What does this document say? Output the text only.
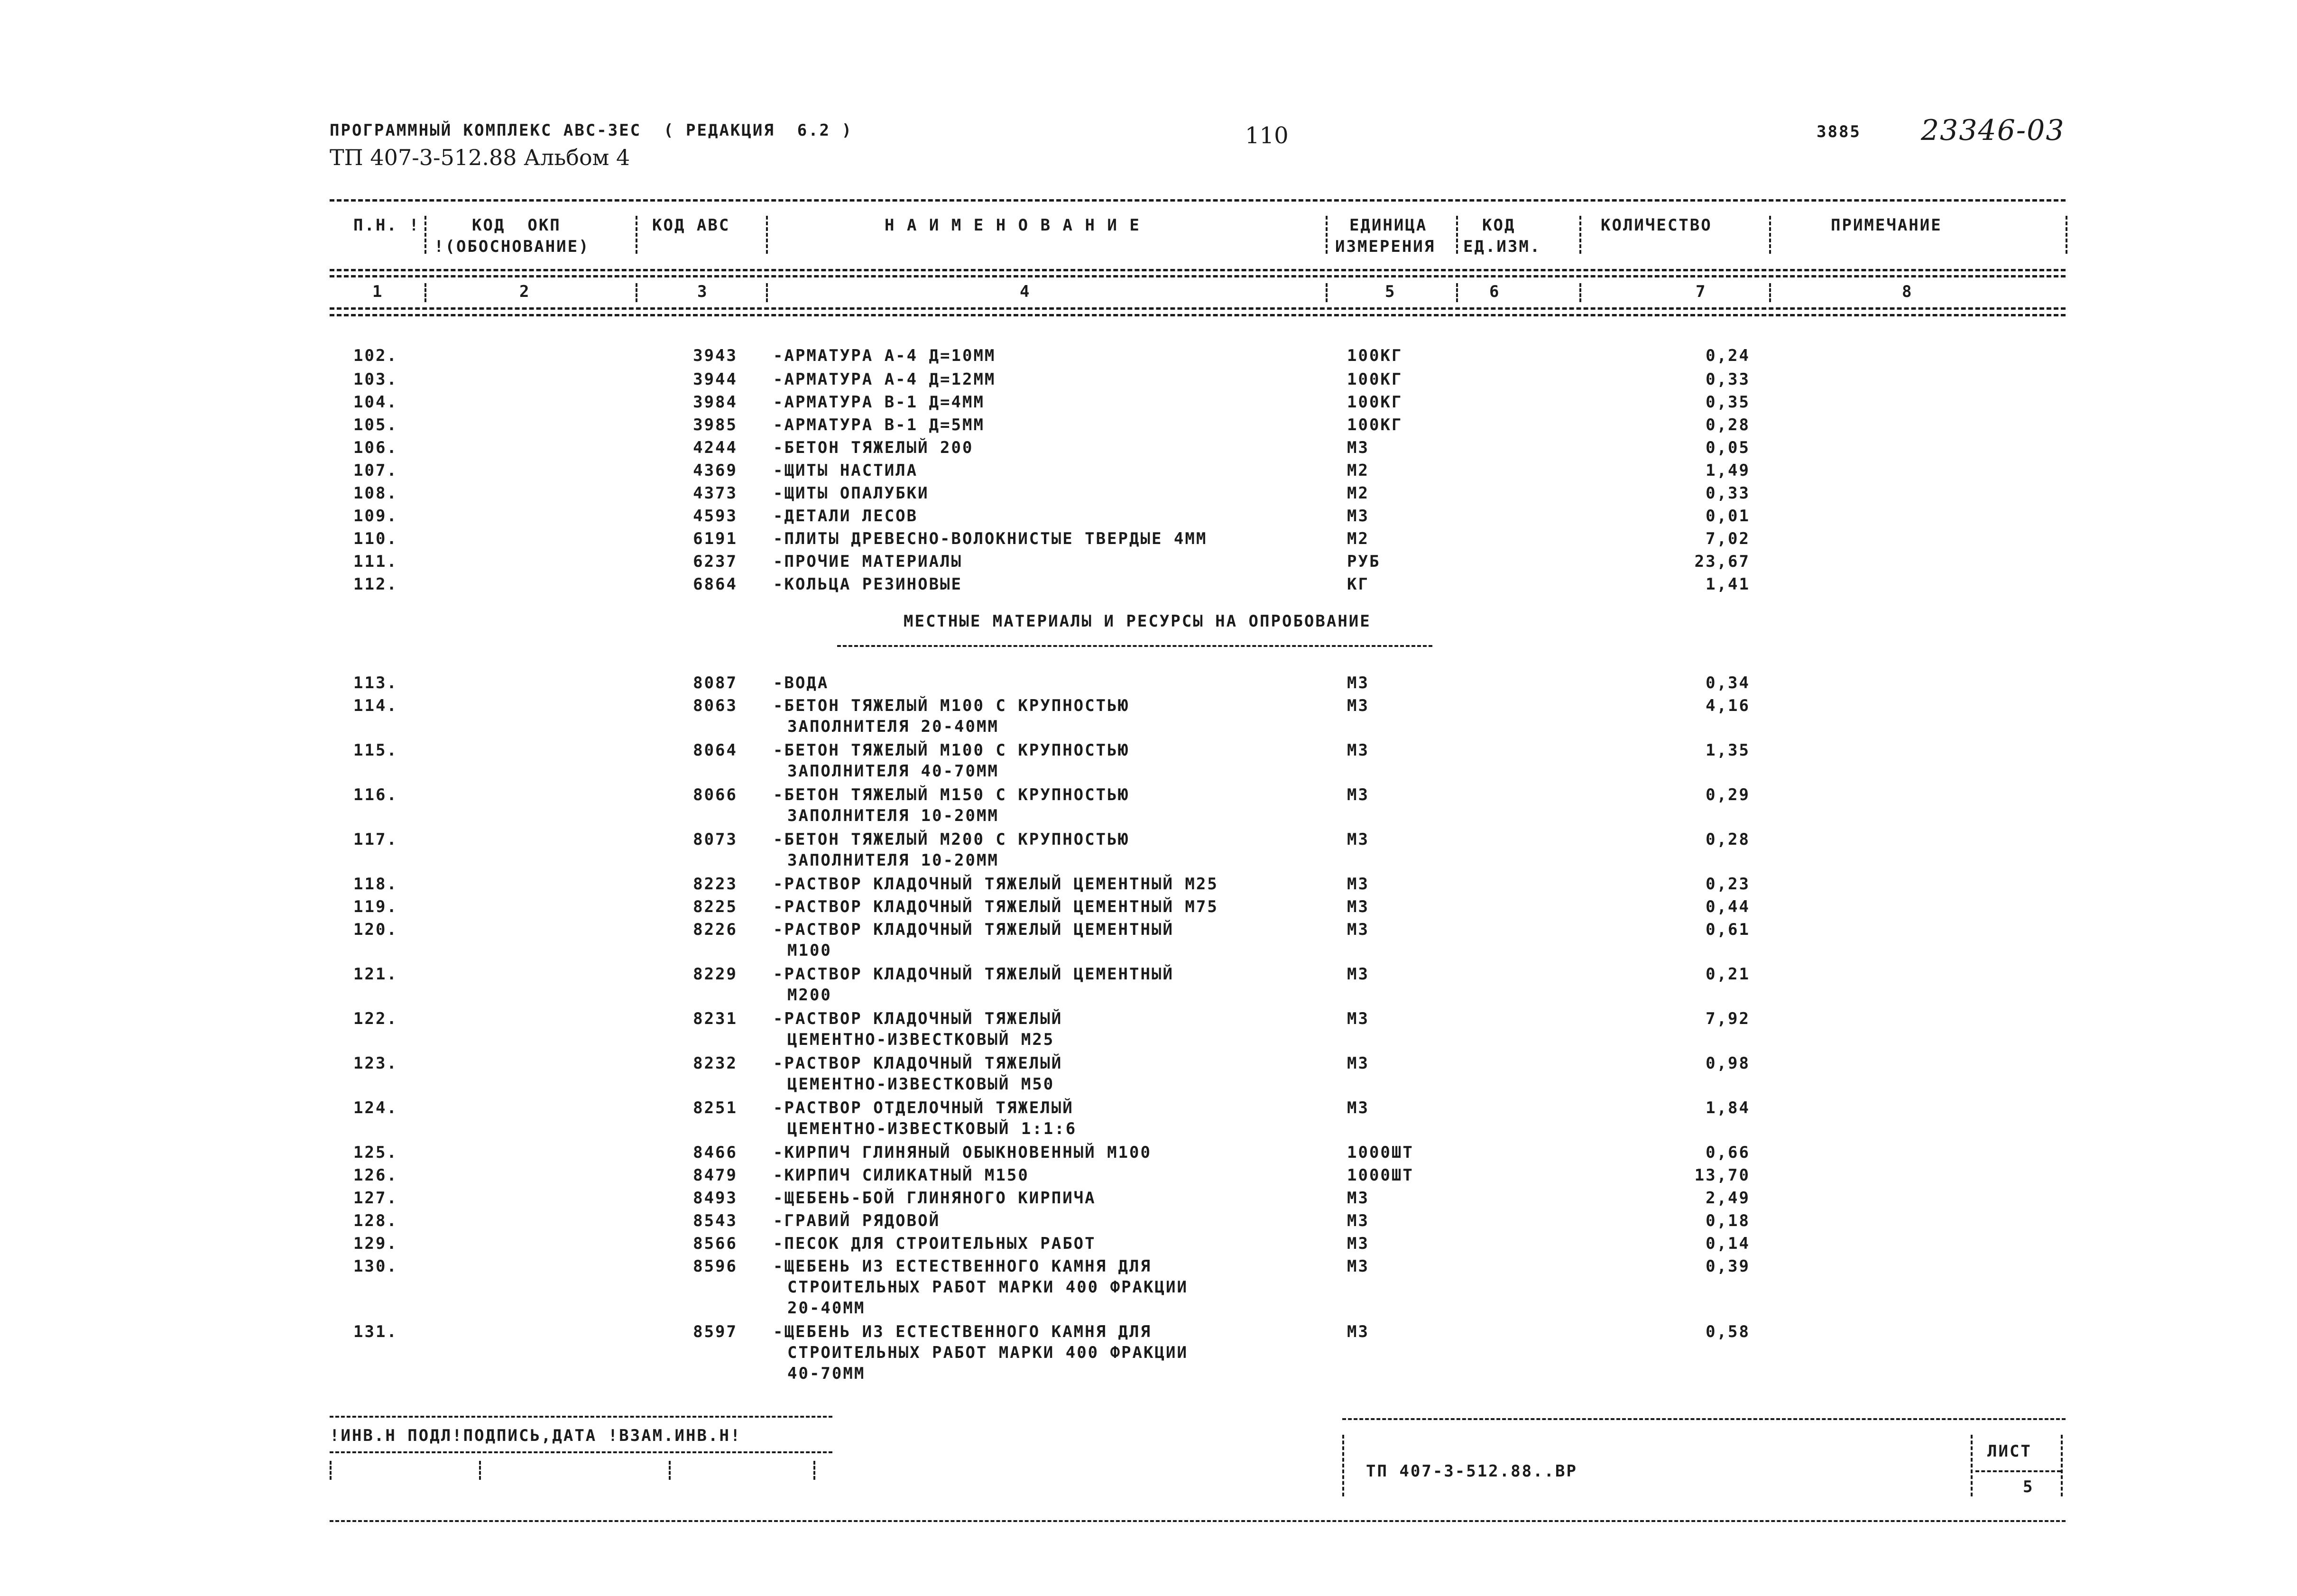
ПРОГРАММНЫЙ КОМПЛЕКС АВС-3ЕС  ( РЕДАКЦИЯ  6.2 )
ТП 407-3-512.88 Альбом 4
110	3885 23346-03
П.Н. !	КОД  ОКП
!(ОБОСНОВАНИЕ)
КОД АВС	Н А И М Е Н О В А Н И Е	ЕДИНИЦА
ИЗМЕРЕНИЯ
КОД
ЕД.ИЗМ.
КОЛИЧЕСТВО	ПРИМЕЧАНИЕ
1	2	3	4	5	6	7	8
102.	3943 -АРМАТУРА А-4 Д=10ММ	100КГ	0,24
103.	3944 -АРМАТУРА А-4 Д=12ММ	100КГ	0,33
104.	3984 -АРМАТУРА В-1 Д=4ММ	100КГ	0,35
105.	3985 -АРМАТУРА В-1 Д=5ММ	100КГ	0,28
106.	4244 -БЕТОН ТЯЖЕЛЫЙ 200	М3	0,05
107.	4369 -ЩИТЫ НАСТИЛА	М2	1,49
108.	4373 -ЩИТЫ ОПАЛУБКИ	М2	0,33
109.	4593 -ДЕТАЛИ ЛЕСОВ	М3	0,01
110.	6191 -ПЛИТЫ ДРЕВЕСНО-ВОЛОКНИСТЫЕ ТВЕРДЫЕ 4ММ	М2	7,02
111.	6237 -ПРОЧИЕ МАТЕРИАЛЫ	РУБ	23,67
112.	6864 -КОЛЬЦА РЕЗИНОВЫЕ	КГ	1,41
МЕСТНЫЕ МАТЕРИАЛЫ И РЕСУРСЫ НА ОПРОБОВАНИЕ
113.	8087 -ВОДА	М3	0,34
114.	8063 -БЕТОН ТЯЖЕЛЫЙ М100 С КРУПНОСТЬЮ
ЗАПОЛНИТЕЛЯ 20-40ММ
М3	4,16
115.	8064 -БЕТОН ТЯЖЕЛЫЙ М100 С КРУПНОСТЬЮ
ЗАПОЛНИТЕЛЯ 40-70ММ
М3	1,35
116.	8066 -БЕТОН ТЯЖЕЛЫЙ М150 С КРУПНОСТЬЮ
ЗАПОЛНИТЕЛЯ 10-20ММ
М3	0,29
117.	8073 -БЕТОН ТЯЖЕЛЫЙ М200 С КРУПНОСТЬЮ
ЗАПОЛНИТЕЛЯ 10-20ММ
М3	0,28
118.	8223 -РАСТВОР КЛАДОЧНЫЙ ТЯЖЕЛЫЙ ЦЕМЕНТНЫЙ М25	М3	0,23
119.	8225 -РАСТВОР КЛАДОЧНЫЙ ТЯЖЕЛЫЙ ЦЕМЕНТНЫЙ М75	М3	0,44
120.	8226 -РАСТВОР КЛАДОЧНЫЙ ТЯЖЕЛЫЙ ЦЕМЕНТНЫЙ
М100
М3	0,61
121.	8229 -РАСТВОР КЛАДОЧНЫЙ ТЯЖЕЛЫЙ ЦЕМЕНТНЫЙ
М200
М3	0,21
122.	8231 -РАСТВОР КЛАДОЧНЫЙ ТЯЖЕЛЫЙ
ЦЕМЕНТНО-ИЗВЕСТКОВЫЙ М25
М3	7,92
123.	8232 -РАСТВОР КЛАДОЧНЫЙ ТЯЖЕЛЫЙ
ЦЕМЕНТНО-ИЗВЕСТКОВЫЙ М50
М3	0,98
124.	8251 -РАСТВОР ОТДЕЛОЧНЫЙ ТЯЖЕЛЫЙ
ЦЕМЕНТНО-ИЗВЕСТКОВЫЙ 1:1:6
М3	1,84
125.	8466 -КИРПИЧ ГЛИНЯНЫЙ ОБЫКНОВЕННЫЙ М100	1000ШТ	0,66
126.	8479 -КИРПИЧ СИЛИКАТНЫЙ М150	1000ШТ	13,70
127.	8493 -ЩЕБЕНЬ-БОЙ ГЛИНЯНОГО КИРПИЧА	М3	2,49
128.	8543 -ГРАВИЙ РЯДОВОЙ	М3	0,18
129.	8566 -ПЕСОК ДЛЯ СТРОИТЕЛЬНЫХ РАБОТ	М3	0,14
130.	8596 -ЩЕБЕНЬ ИЗ ЕСТЕСТВЕННОГО КАМНЯ ДЛЯ
СТРОИТЕЛЬНЫХ РАБОТ МАРКИ 400 ФРАКЦИИ
20-40ММ
М3	0,39
131.	8597 -ЩЕБЕНЬ ИЗ ЕСТЕСТВЕННОГО КАМНЯ ДЛЯ
СТРОИТЕЛЬНЫХ РАБОТ МАРКИ 400 ФРАКЦИИ
40-70ММ
М3	0,58
!ИНВ.Н ПОДЛ!ПОДПИСЬ,ДАТА !ВЗАМ.ИНВ.Н!
ТП 407-3-512.88..ВР
ЛИСТ
5
